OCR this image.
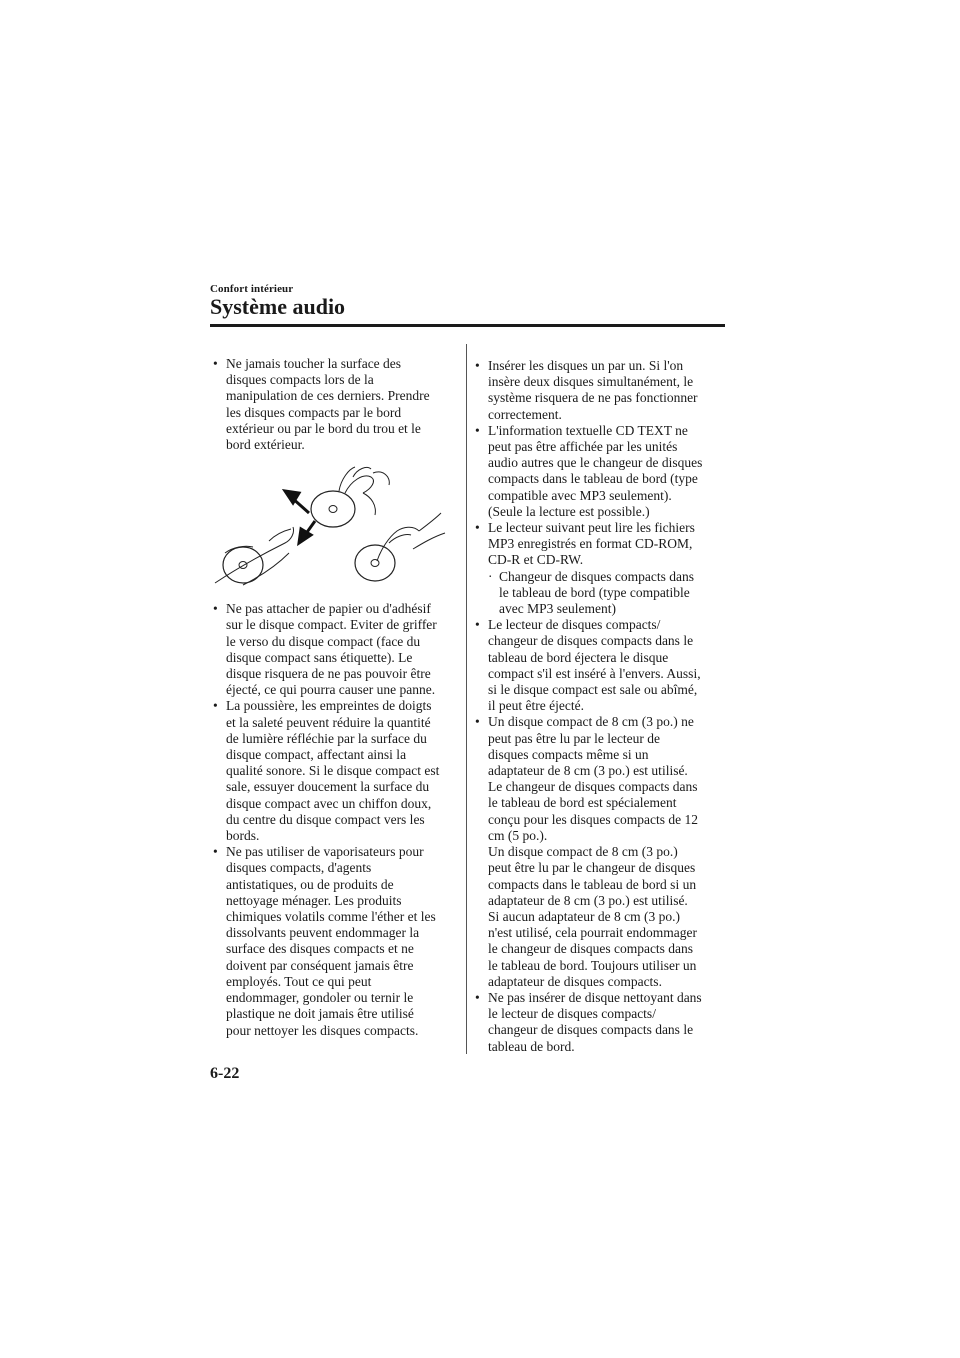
Confort intérieur
Système audio
• Ne jamais toucher la surface des
disques compacts lors de la
manipulation de ces derniers. Prendre
les disques compacts par le bord
extérieur ou par le bord du trou et le
bord extérieur.
• Ne pas attacher de papier ou d'adhésif
sur le disque compact. Eviter de griffer
le verso du disque compact (face du
disque compact sans étiquette). Le
disque risquera de ne pas pouvoir être
éjecté, ce qui pourra causer une panne.
• La poussière, les empreintes de doigts
et la saleté peuvent réduire la quantité
de lumière réfléchie par la surface du
disque compact, affectant ainsi la
qualité sonore. Si le disque compact est
sale, essuyer doucement la surface du
disque compact avec un chiffon doux,
du centre du disque compact vers les
bords.
• Ne pas utiliser de vaporisateurs pour
disques compacts, d'agents
antistatiques, ou de produits de
nettoyage ménager. Les produits
chimiques volatils comme l'éther et les
dissolvants peuvent endommager la
surface des disques compacts et ne
doivent par conséquent jamais être
employés. Tout ce qui peut
endommager, gondoler ou ternir le
plastique ne doit jamais être utilisé
pour nettoyer les disques compacts.
• Insérer les disques un par un. Si l'on
insère deux disques simultanément, le
système risquera de ne pas fonctionner
correctement.
• L'information textuelle CD TEXT ne
peut pas être affichée par les unités
audio autres que le changeur de disques
compacts dans le tableau de bord (type
compatible avec MP3 seulement).
(Seule la lecture est possible.)
• Le lecteur suivant peut lire les fichiers
MP3 enregistrés en format CD-ROM,
CD-R et CD-RW.
· Changeur de disques compacts dans
le tableau de bord (type compatible
avec MP3 seulement)
• Le lecteur de disques compacts/
changeur de disques compacts dans le
tableau de bord éjectera le disque
compact s'il est inséré à l'envers. Aussi,
si le disque compact est sale ou abîmé,
il peut être éjecté.
• Un disque compact de 8 cm (3 po.) ne
peut pas être lu par le lecteur de
disques compacts même si un
adaptateur de 8 cm (3 po.) est utilisé.
Le changeur de disques compacts dans
le tableau de bord est spécialement
conçu pour les disques compacts de 12
cm (5 po.).
Un disque compact de 8 cm (3 po.)
peut être lu par le changeur de disques
compacts dans le tableau de bord si un
adaptateur de 8 cm (3 po.) est utilisé.
Si aucun adaptateur de 8 cm (3 po.)
n'est utilisé, cela pourrait endommager
le changeur de disques compacts dans
le tableau de bord. Toujours utiliser un
adaptateur de disques compacts.
• Ne pas insérer de disque nettoyant dans
le lecteur de disques compacts/
changeur de disques compacts dans le
tableau de bord.
6-22
